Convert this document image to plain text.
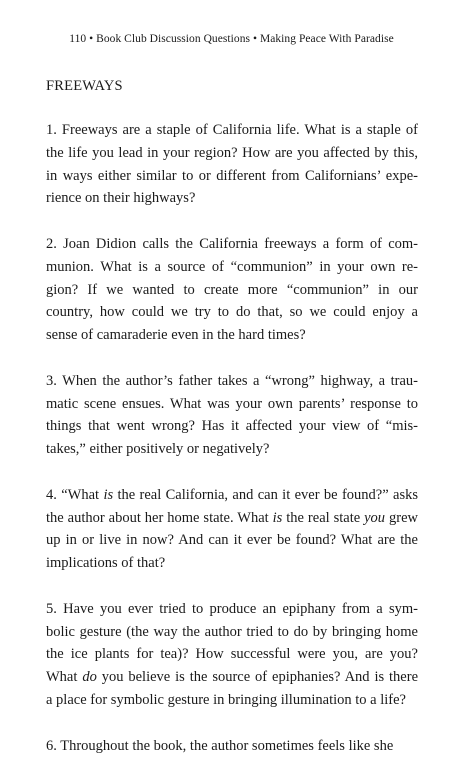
110 • Book Club Discussion Questions • Making Peace With Paradise
FREEWAYS
1. Freeways are a staple of California life. What is a staple of
the life you lead in your region? How are you affected by this,
in ways either similar to or different from Californians’ expe-
rience on their highways?
2. Joan Didion calls the California freeways a form of com-
munion. What is a source of “communion” in your own re-
gion? If we wanted to create more “communion” in our
country, how could we try to do that, so we could enjoy a
sense of camaraderie even in the hard times?
3. When the author’s father takes a “wrong” highway, a trau-
matic scene ensues. What was your own parents’ response to
things that went wrong? Has it affected your view of “mis-
takes,” either positively or negatively?
4. “What is the real California, and can it ever be found?” asks
the author about her home state. What is the real state you grew
up in or live in now? And can it ever be found? What are the
implications of that?
5. Have you ever tried to produce an epiphany from a sym-
bolic gesture (the way the author tried to do by bringing home
the ice plants for tea)? How successful were you, are you?
What do you believe is the source of epiphanies? And is there
a place for symbolic gesture in bringing illumination to a life?
6. Throughout the book, the author sometimes feels like she
